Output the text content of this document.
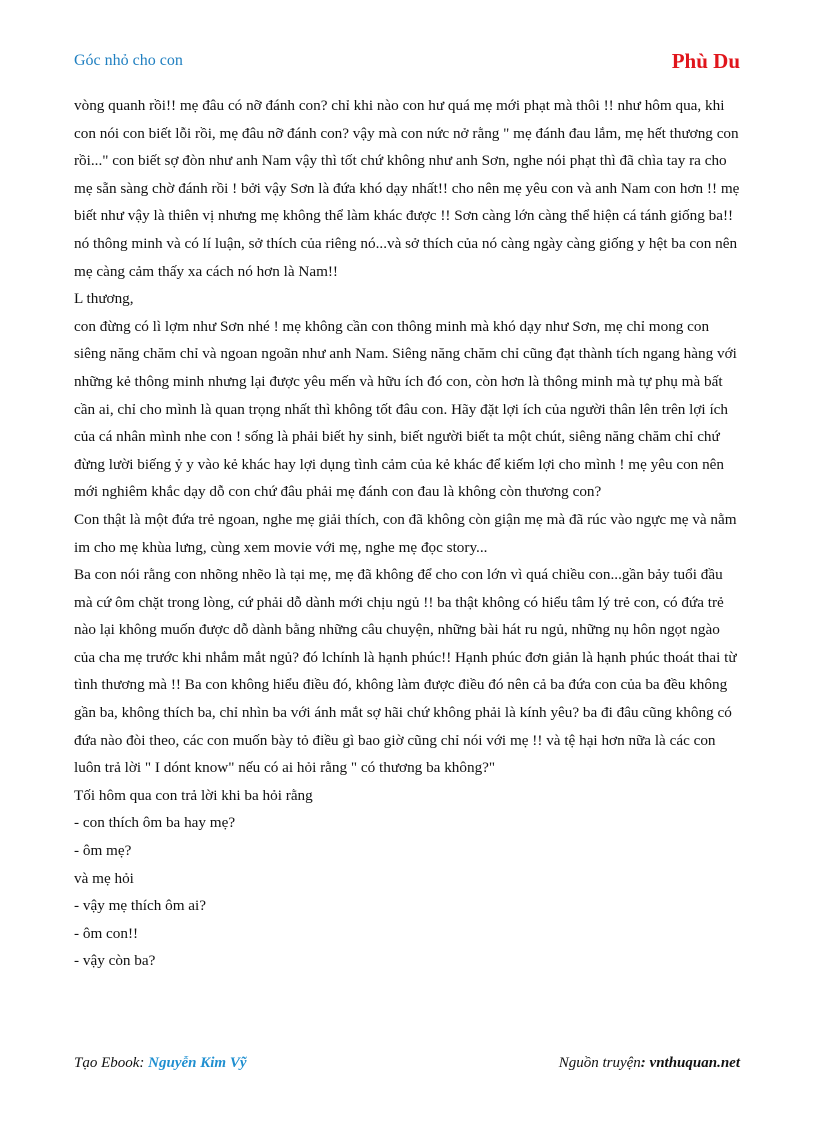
Góc nhỏ cho con	Phù Du

vòng quanh rồi!! mẹ đâu có nỡ đánh con? chỉ khi nào con hư quá mẹ mới phạt mà thôi !! như hôm qua, khi con nói con biết lỗi rồi, mẹ đâu nỡ đánh con? vậy mà con nức nở rằng " mẹ đánh đau lắm, mẹ hết thương con rồi..." con biết sợ đòn như anh Nam vậy thì tốt chứ không như anh Sơn, nghe nói phạt thì đã chìa tay ra cho mẹ sẵn sàng chờ đánh rồi ! bởi vậy Sơn là đứa khó dạy nhất!! cho nên mẹ yêu con và anh Nam con hơn !! mẹ biết như vậy là thiên vị nhưng mẹ không thể làm khác được !! Sơn càng lớn càng thể hiện cá tánh giống ba!! nó thông minh và có lí luận, sở thích của riêng nó...và sở thích của nó càng ngày càng giống y hệt ba con nên mẹ càng cảm thấy xa cách nó hơn là Nam!!

L thương,

con đừng có lì lợm như Sơn nhé ! mẹ không cần con thông minh mà khó dạy như Sơn, mẹ chỉ mong con siêng năng chăm chỉ và ngoan ngoãn như anh Nam. Siêng năng chăm chỉ cũng đạt thành tích ngang hàng với những kẻ thông minh nhưng lại được yêu mến và hữu ích đó con, còn hơn là thông minh mà tự phụ mà bất cần ai, chỉ cho mình là quan trọng nhất thì không tốt đâu con. Hãy đặt lợi ích của người thân lên trên lợi ích của cá nhân mình nhe con ! sống là phải biết hy sinh, biết người biết ta một chút, siêng năng chăm chỉ chứ đừng lười biếng ỷ y vào kẻ khác hay lợi dụng tình cảm của kẻ khác để kiếm lợi cho mình ! mẹ yêu con nên mới nghiêm khắc dạy dỗ con chứ đâu phải mẹ đánh con đau là không còn thương con?

Con thật là một đứa trẻ ngoan, nghe mẹ giải thích, con đã không còn giận mẹ mà đã rúc vào ngực mẹ và nằm im cho mẹ khùa lưng, cùng xem movie với mẹ, nghe mẹ đọc story...

Ba con nói rằng con nhõng nhẽo là tại mẹ, mẹ đã không để cho con lớn vì quá chiều con...gần bảy tuổi đầu mà cứ ôm chặt trong lòng, cứ phải dỗ dành mới chịu ngủ !! ba thật không có hiểu tâm lý trẻ con, có đứa trẻ nào lại không muốn được dỗ dành bằng những câu chuyện, những bài hát ru ngủ, những nụ hôn ngọt ngào của cha mẹ trước khi nhắm mắt ngủ? đó lchính là hạnh phúc!! Hạnh phúc đơn giản là hạnh phúc thoát thai từ tình thương mà !! Ba con không hiểu điều đó, không làm được điều đó nên cả ba đứa con của ba đều không gần ba, không thích ba, chỉ nhìn ba với ánh mắt sợ hãi chứ không phải là kính yêu? ba đi đâu cũng không có đứa nào đòi theo, các con muốn bày tỏ điều gì bao giờ cũng chỉ nói với mẹ !! và tệ hại hơn nữa là các con luôn trả lời " I dónt know" nếu có ai hỏi rằng " có thương ba không?"

Tối hôm qua con trả lời khi ba hỏi rằng

- con thích ôm ba hay mẹ?

- ôm mẹ?

và mẹ hỏi

- vậy mẹ thích ôm ai?

- ôm con!!

- vậy còn ba?

Tạo Ebook: Nguyễn Kim Vỹ	Nguồn truyện: vnthuquan.net
